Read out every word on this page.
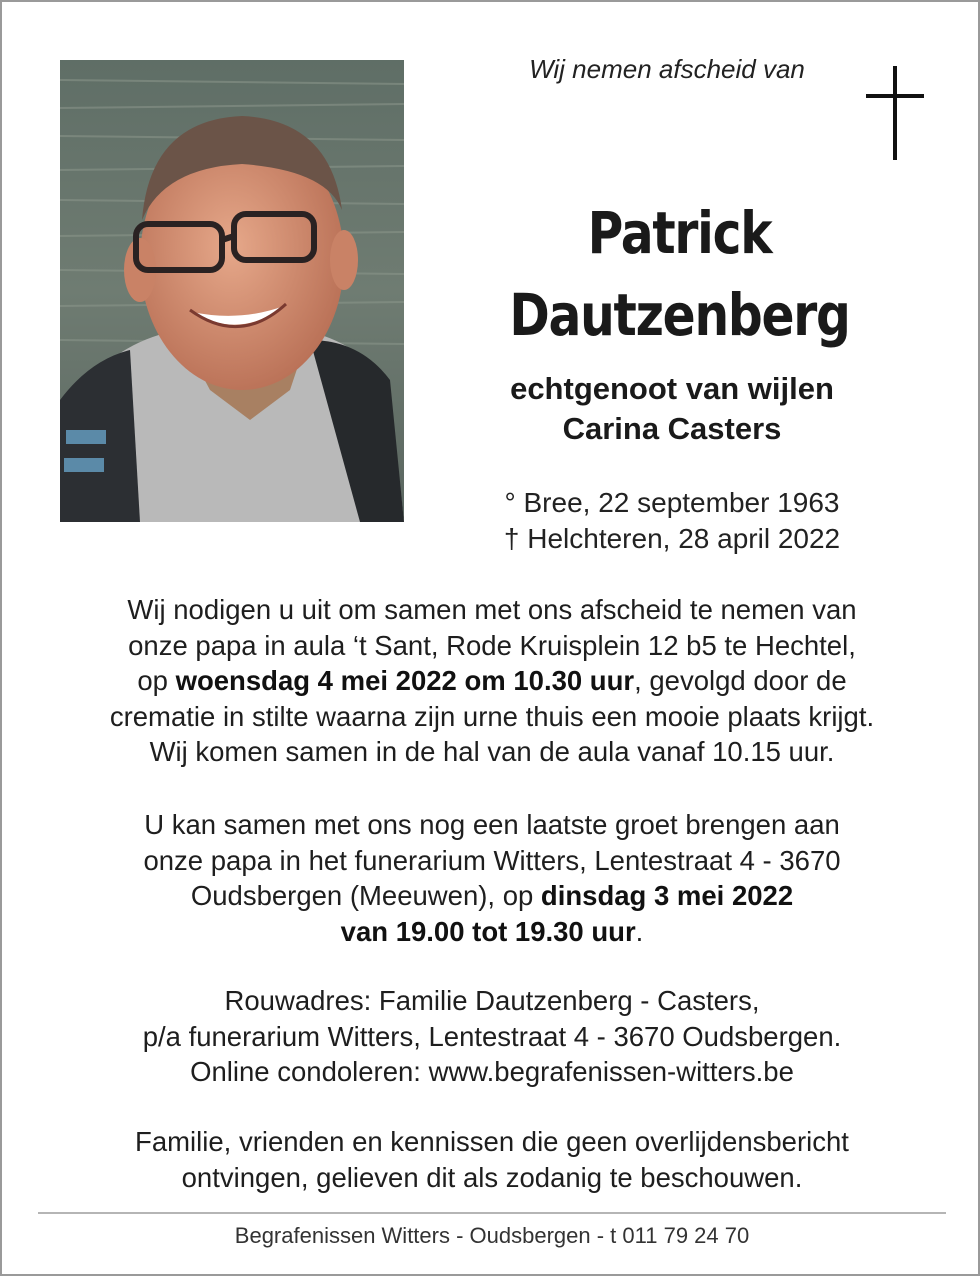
Wij nemen afscheid van
Patrick
Dautzenberg
echtgenoot van wijlen
Carina Casters
° Bree, 22 september 1963
† Helchteren, 28 april 2022
Wij nodigen u uit om samen met ons afscheid te nemen van
onze papa in aula ‘t Sant, Rode Kruisplein 12 b5 te Hechtel,
op woensdag 4 mei 2022 om 10.30 uur, gevolgd door de
crematie in stilte waarna zijn urne thuis een mooie plaats krijgt.
Wij komen samen in de hal van de aula vanaf 10.15 uur.
U kan samen met ons nog een laatste groet brengen aan
onze papa in het funerarium Witters, Lentestraat 4 - 3670
Oudsbergen (Meeuwen), op dinsdag 3 mei 2022
van 19.00 tot 19.30 uur.
Rouwadres: Familie Dautzenberg - Casters,
p/a funerarium Witters, Lentestraat 4 - 3670 Oudsbergen.
Online condoleren: www.begrafenissen-witters.be
Familie, vrienden en kennissen die geen overlijdensbericht
ontvingen, gelieven dit als zodanig te beschouwen.
Begrafenissen Witters - Oudsbergen - t 011 79 24 70
